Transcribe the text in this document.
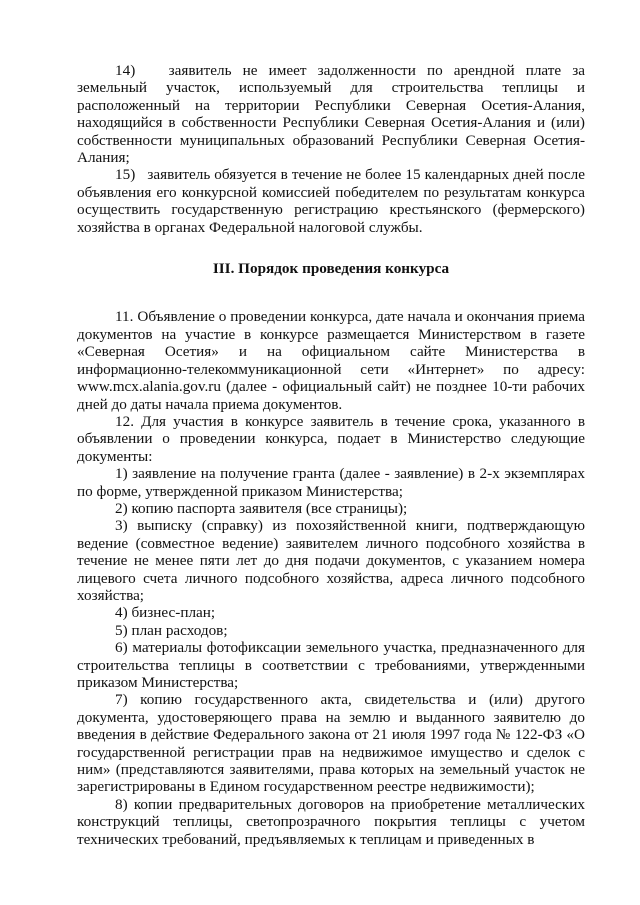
14)   заявитель не имеет задолженности по арендной плате за земельный участок, используемый для строительства теплицы и расположенный на территории Республики Северная Осетия-Алания, находящийся в собственности Республики Северная Осетия-Алания и (или) собственности муниципальных образований Республики Северная Осетия-Алания;

15)   заявитель обязуется в течение не более 15 календарных дней после объявления его конкурсной комиссией победителем по результатам конкурса осуществить государственную регистрацию крестьянского (фермерского) хозяйства в органах Федеральной налоговой службы.

III. Порядок проведения конкурса

11. Объявление о проведении конкурса, дате начала и окончания приема документов на участие в конкурсе размещается Министерством в газете «Северная Осетия» и на официальном сайте Министерства в информационно-телекоммуникационной сети «Интернет» по адресу: www.mcx.alania.gov.ru (далее - официальный сайт) не позднее 10-ти рабочих дней до даты начала приема документов.

12. Для участия в конкурсе заявитель в течение срока, указанного в объявлении о проведении конкурса, подает в Министерство следующие документы:

1) заявление на получение гранта (далее - заявление) в 2-х экземплярах по форме, утвержденной приказом Министерства;

2) копию паспорта заявителя (все страницы);

3) выписку (справку) из похозяйственной книги, подтверждающую ведение (совместное ведение) заявителем личного подсобного хозяйства в течение не менее пяти лет до дня подачи документов, с указанием номера лицевого счета личного подсобного хозяйства, адреса личного подсобного хозяйства;

4) бизнес-план;

5) план расходов;

6) материалы фотофиксации земельного участка, предназначенного для строительства теплицы в соответствии с требованиями, утвержденными приказом Министерства;

7) копию государственного акта, свидетельства и (или) другого документа, удостоверяющего права на землю и выданного заявителю до введения в действие Федерального закона от 21 июля 1997 года № 122-ФЗ «О государственной регистрации прав на недвижимое имущество и сделок с ним» (представляются заявителями, права которых на земельный участок не зарегистрированы в Едином государственном реестре недвижимости);

8) копии предварительных договоров на приобретение металлических конструкций теплицы, светопрозрачного покрытия теплицы с учетом технических требований, предъявляемых к теплицам и приведенных в
